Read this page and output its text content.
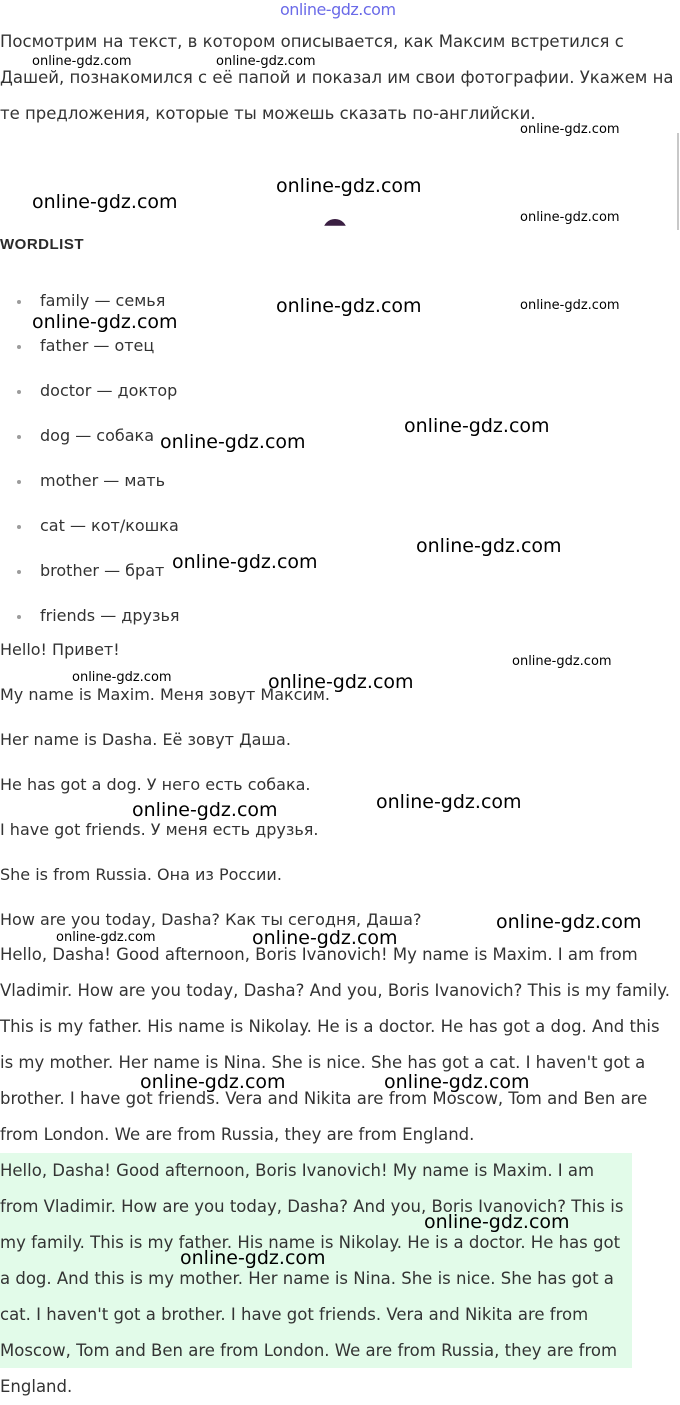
online-gdz.com
Посмотрим на текст, в котором описывается, как Максим встретился с Дашей, познакомился с её папой и показал им свои фотографии. Укажем на те предложения, которые ты можешь сказать по-английски.
WORDLIST
family — семья
father — отец
doctor — доктор
dog — собака
mother — мать
cat — кот/кошка
brother — брат
friends — друзья
Hello! Привет!
My name is Maxim. Меня зовут Максим.
Her name is Dasha. Её зовут Даша.
He has got a dog. У него есть собака.
I have got friends. У меня есть друзья.
She is from Russia. Она из России.
How are you today, Dasha? Как ты сегодня, Даша?
Hello, Dasha! Good afternoon, Boris Ivanovich! My name is Maxim. I am from Vladimir. How are you today, Dasha? And you, Boris Ivanovich? This is my family. This is my father. His name is Nikolay. He is a doctor. He has got a dog. And this is my mother. Her name is Nina. She is nice. She has got a cat. I haven't got a brother. I have got friends. Vera and Nikita are from Moscow, Tom and Ben are from London. We are from Russia, they are from England.
Hello, Dasha! Good afternoon, Boris Ivanovich! My name is Maxim. I am from Vladimir. How are you today, Dasha? And you, Boris Ivanovich? This is my family. This is my father. His name is Nikolay. He is a doctor. He has got a dog. And this is my mother. Her name is Nina. She is nice. She has got a cat. I haven't got a brother. I have got friends. Vera and Nikita are from Moscow, Tom and Ben are from London. We are from Russia, they are from England.
online-gdz.com	online-gdz.com
online-gdz.com
online-gdz.com
online-gdz.com
online-gdz.com
online-gdz.com	online-gdz.com
online-gdz.com
online-gdz.com
online-gdz.com
online-gdz.com
online-gdz.com
online-gdz.com
online-gdz.com	online-gdz.com
online-gdz.com
online-gdz.com
online-gdz.com
online-gdz.com	online-gdz.com
online-gdz.com	online-gdz.com
online-gdz.com
online-gdz.com
